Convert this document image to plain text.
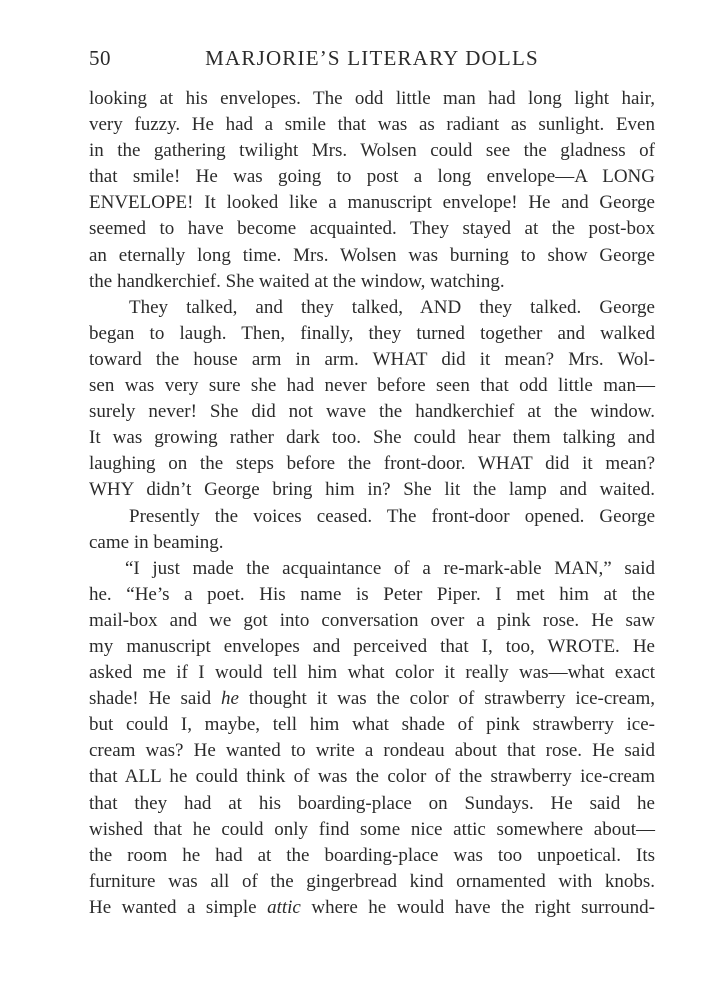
50	MARJORIE’S LITERARY DOLLS
looking at his envelopes. The odd little man had long light hair,
very fuzzy. He had a smile that was as radiant as sunlight. Even
in the gathering twilight Mrs. Wolsen could see the gladness of
that smile! He was going to post a long envelope—A LONG
ENVELOPE! It looked like a manuscript envelope! He and George
seemed to have become acquainted. They stayed at the post-box
an eternally long time. Mrs. Wolsen was burning to show George
the handkerchief. She waited at the window, watching.
They talked, and they talked, AND they talked. George
began to laugh. Then, finally, they turned together and walked
toward the house arm in arm. WHAT did it mean? Mrs. Wol-
sen was very sure she had never before seen that odd little man—
surely never! She did not wave the handkerchief at the window.
It was growing rather dark too. She could hear them talking and
laughing on the steps before the front-door. WHAT did it mean?
WHY didn’t George bring him in? She lit the lamp and waited.
Presently the voices ceased. The front-door opened. George
came in beaming.
“I just made the acquaintance of a re-mark-able MAN,” said
he. “He’s a poet. His name is Peter Piper. I met him at the
mail-box and we got into conversation over a pink rose. He saw
my manuscript envelopes and perceived that I, too, WROTE. He
asked me if I would tell him what color it really was—what exact
shade! He said he thought it was the color of strawberry ice-cream,
but could I, maybe, tell him what shade of pink strawberry ice-
cream was? He wanted to write a rondeau about that rose. He said
that ALL he could think of was the color of the strawberry ice-cream
that they had at his boarding-place on Sundays. He said he
wished that he could only find some nice attic somewhere about—
the room he had at the boarding-place was too unpoetical. Its
furniture was all of the gingerbread kind ornamented with knobs.
He wanted a simple attic where he would have the right surround-
